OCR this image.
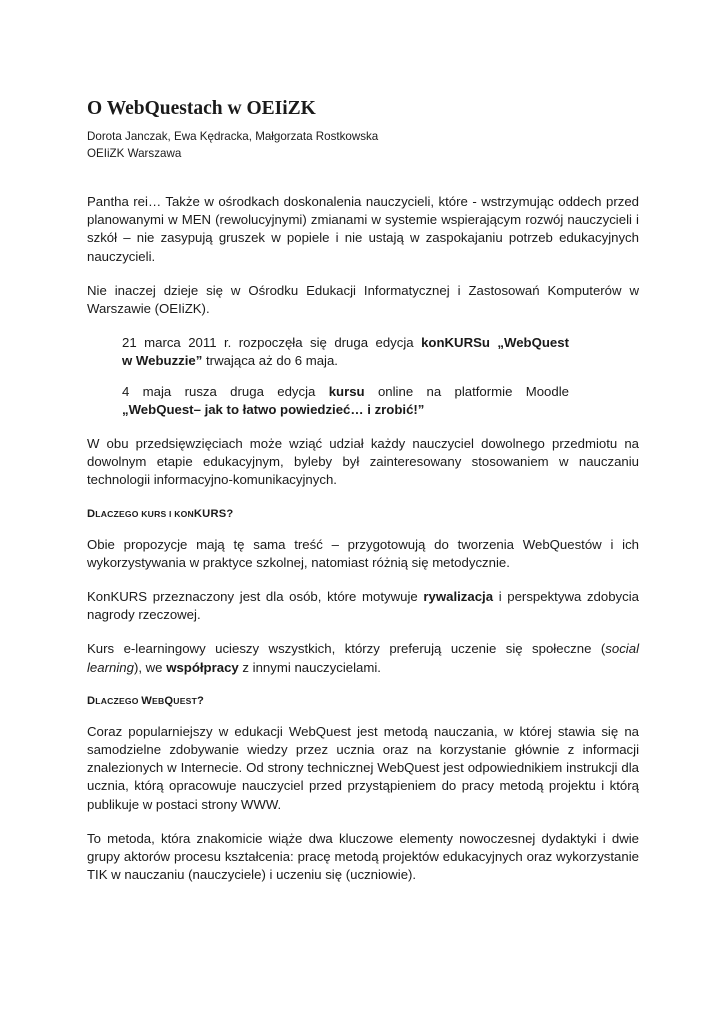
O WebQuestach w OEIiZK

Dorota Janczak, Ewa Kędracka, Małgorzata Rostkowska

OEIiZK Warszawa

Pantha rei… Także w ośrodkach doskonalenia nauczycieli, które - wstrzymując oddech przed planowanymi w MEN (rewolucyjnymi) zmianami w systemie wspierającym rozwój nauczycieli i szkół – nie zasypują gruszek w popiele i nie ustają w zaspokajaniu potrzeb edukacyjnych nauczycieli.

Nie inaczej dzieje się w Ośrodku Edukacji Informatycznej i Zastosowań Komputerów w Warszawie (OEIiZK).

21 marca 2011 r. rozpoczęła się druga edycja konKURSu „WebQuest
w Webuzzie” trwająca aż do 6 maja.

4 maja rusza druga edycja kursu online na platformie Moodle
„WebQuest– jak to łatwo powiedzieć… i zrobić!”

W obu przedsięwzięciach może wziąć udział każdy nauczyciel dowolnego przedmiotu na dowolnym etapie edukacyjnym, byleby był zainteresowany stosowaniem w nauczaniu technologii informacyjno-komunikacyjnych.

DLACZEGO KURS I KONKURS?

Obie propozycje mają tę sama treść – przygotowują do tworzenia WebQuestów i ich wykorzystywania w praktyce szkolnej, natomiast różnią się metodycznie.

KonKURS przeznaczony jest dla osób, które motywuje rywalizacja i perspektywa zdobycia nagrody rzeczowej.

Kurs e-learningowy ucieszy wszystkich, którzy preferują uczenie się społeczne (social learning), we współpracy z innymi nauczycielami.

DLACZEGO WEBQUEST?

Coraz popularniejszy w edukacji WebQuest jest metodą nauczania, w której stawia się na samodzielne zdobywanie wiedzy przez ucznia oraz na korzystanie głównie z informacji znalezionych w Internecie. Od strony technicznej WebQuest jest odpowiednikiem instrukcji dla ucznia, którą opracowuje nauczyciel przed przystąpieniem do pracy metodą projektu i którą publikuje w postaci strony WWW.

To metoda, która znakomicie wiąże dwa kluczowe elementy nowoczesnej dydaktyki i dwie grupy aktorów procesu kształcenia: pracę metodą projektów edukacyjnych oraz wykorzystanie TIK w nauczaniu (nauczyciele) i uczeniu się (uczniowie).
